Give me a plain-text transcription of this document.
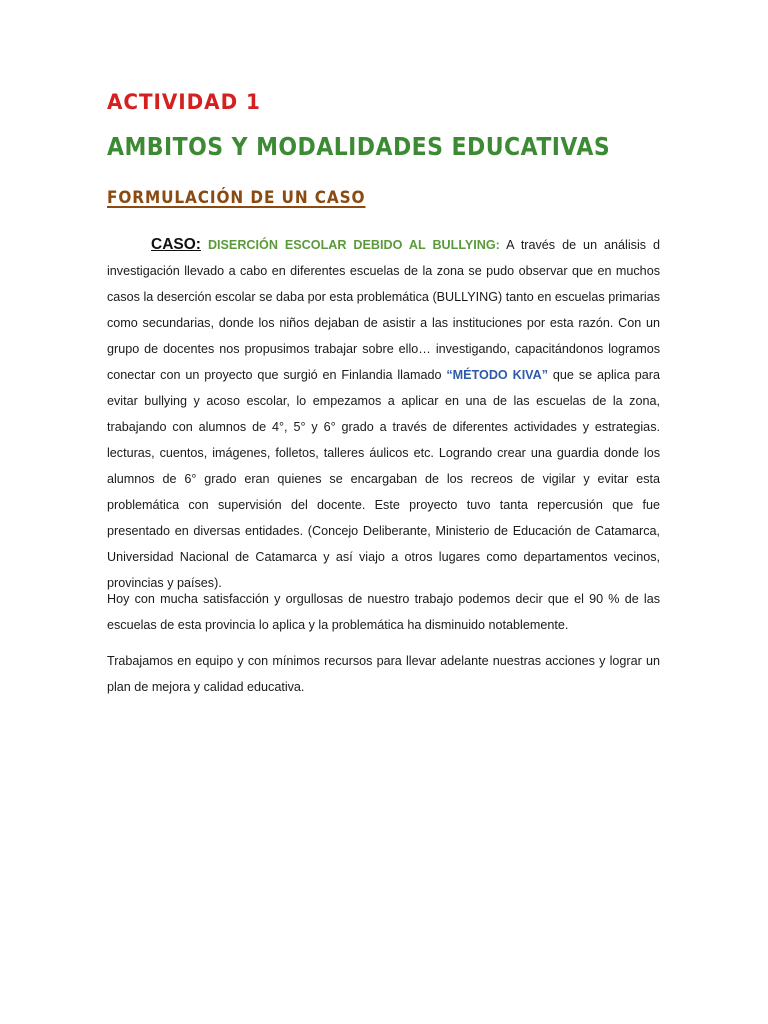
ACTIVIDAD 1
AMBITOS Y MODALIDADES EDUCATIVAS
FORMULACIÓN DE UN CASO

CASO: DISERCIÓN ESCOLAR DEBIDO AL BULLYING: A través de un análisis d investigación llevado a cabo en diferentes escuelas de la zona se pudo observar que en muchos casos la deserción escolar se daba por esta problemática (BULLYING) tanto en escuelas primarias como secundarias, donde los niños dejaban de asistir a las instituciones por esta razón. Con un grupo de docentes nos propusimos trabajar sobre ello… investigando, capacitándonos logramos conectar con un proyecto que surgió en Finlandia llamado “MÉTODO KIVA” que se aplica para evitar bullying y acoso escolar, lo empezamos a aplicar en una de las escuelas de la zona, trabajando con alumnos de 4°, 5° y 6° grado a través de diferentes actividades y estrategias. lecturas, cuentos, imágenes, folletos, talleres áulicos etc. Logrando crear una guardia donde los alumnos de 6° grado eran quienes se encargaban de los recreos de vigilar y evitar esta problemática con supervisión del docente. Este proyecto tuvo tanta repercusión que fue presentado en diversas entidades. (Concejo Deliberante, Ministerio de Educación de Catamarca, Universidad Nacional de Catamarca y así viajo a otros lugares como departamentos vecinos, provincias y países).

Hoy con mucha satisfacción y orgullosas de nuestro trabajo podemos decir que el 90 % de las escuelas de esta provincia lo aplica y la problemática ha disminuido notablemente.

Trabajamos en equipo y con mínimos recursos para llevar adelante nuestras acciones y lograr un plan de mejora y calidad educativa.
